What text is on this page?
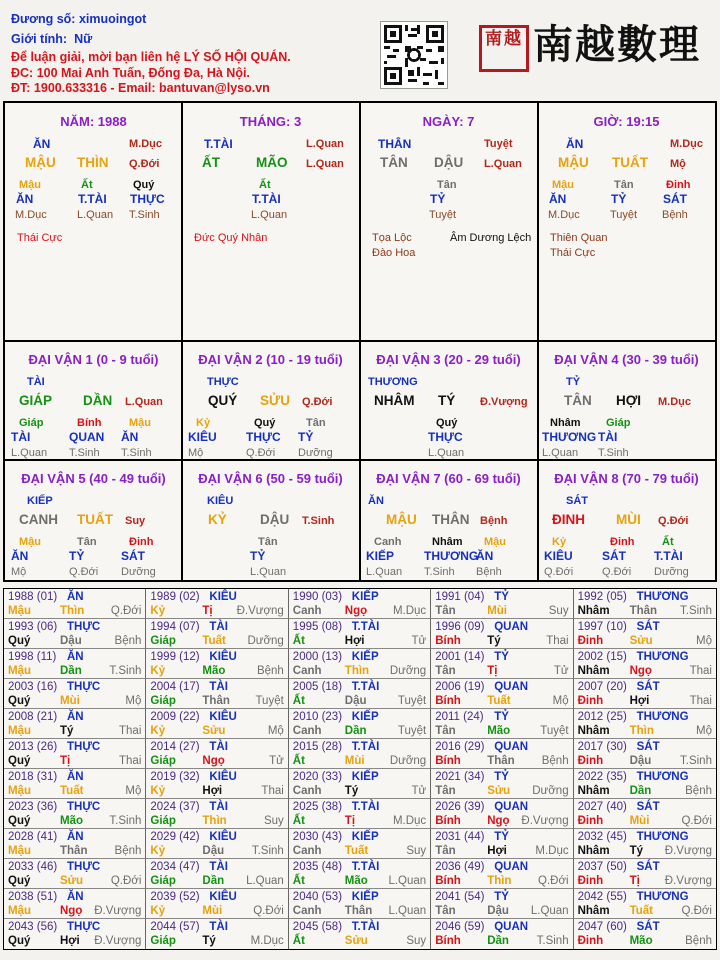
Đương số: ximuoingot
Giới tính: Nữ
Để luận giải, mời bạn liên hệ LÝ SỐ HỘI QUÁN.
ĐC: 100 Mai Anh Tuấn, Đống Đa, Hà Nội.
ĐT: 1900.633316 - Email: bantuvan@lyso.vn
南越 南越數理
NĂM: 1988
ĂN	M.Dục
MẬU THÌN Q.Đới
Mậu
ĂN
M.Dục
Ất
T.TÀI
L.Quan
Quý
THỰC
T.Sinh
Thái Cực
THÁNG: 3
T.TÀI	L.Quan
ẤT	MÃO L.Quan
Ất
T.TÀI
L.Quan
Đức Quý Nhân
NGÀY: 7
THÂN	Tuyệt
TÂN DẬU L.Quan
Tân
TỶ
Tuyệt
Tọa Lộc	Âm Dương Lệch
Đào Hoa
GIỜ: 19:15
ĂN	M.Dục
MẬU TUẤT Mộ
Mậu
ĂN
M.Dục
Tân
TỶ
Tuyệt
Đinh
SÁT
Bệnh
Thiên Quan
Thái Cực
ĐẠI VẬN 1 (0 - 9 tuổi)
TÀI
GIÁP DẦN L.Quan
Giáp
TÀI
L.Quan
Bính
QUAN
T.Sinh
Mậu
ĂN
T.Sinh
ĐẠI VẬN 2 (10 - 19 tuổi)
THỰC
QUÝ SỬU Q.Đới
Kỷ
KIÊU
Mộ
Quý
THỰC
Q.Đới
Tân
TỶ
Dưỡng
ĐẠI VẬN 3 (20 - 29 tuổi)
THƯƠNG
NHÂM TÝ Đ.Vượng
Quý
THỰC
L.Quan
ĐẠI VẬN 4 (30 - 39 tuổi)
TỶ
TÂN HỢI M.Dục
Nhâm
THƯƠNG
L.Quan
Giáp
TÀI
T.Sinh
ĐẠI VẬN 5 (40 - 49 tuổi)
KIẾP
CANH TUẤT Suy
Mậu
ĂN
Mộ
Tân
TỶ
Q.Đới
Đinh
SÁT
Dưỡng
ĐẠI VẬN 6 (50 - 59 tuổi)
KIÊU
KỶ DẬU T.Sinh
Tân
TỶ
L.Quan
ĐẠI VẬN 7 (60 - 69 tuổi)
ĂN
MẬU THÂN Bệnh
Canh
KIẾP
L.Quan
Nhâm
THƯƠNG
T.Sinh
Mậu
ĂN
Bệnh
ĐẠI VẬN 8 (70 - 79 tuổi)
SÁT
ĐINH MÙI Q.Đới
Kỷ
KIÊU
Q.Đới
Đinh
SÁT
Q.Đới
Ất
T.TÀI
Dưỡng
1988 (01) ĂN
Mậu	Thìn Q.Đới
1989 (02) KIÊU
Kỷ	Tị Đ.Vượng
1990 (03) KIẾP
Canh Ngọ M.Dục
1991 (04) TỶ
Tân	Mùi	Suy
1992 (05) THƯƠNG
Nhâm Thân T.Sinh
1993 (06) THỰC
Quý	Dậu	Bệnh
1994 (07) TÀI
Giáp Tuất Dưỡng
1995 (08) T.TÀI
Ất	Hợi	Tử
1996 (09) QUAN
Bính Tý	Thai
1997 (10) SÁT
Đinh Sửu	Mộ
1998 (11) ĂN
Mậu	Dần T.Sinh
1999 (12) KIÊU
Kỷ	Mão	Bệnh
2000 (13) KIẾP
Canh Thìn Dưỡng
2001 (14) TỶ
Tân	Tị	Tử
2002 (15) THƯƠNG
Nhâm Ngọ	Thai
2003 (16) THỰC
Quý	Mùi	Mộ
2004 (17) TÀI
Giáp Thân Tuyệt
2005 (18) T.TÀI
Ất	Dậu	Tuyệt
2006 (19) QUAN
Bính Tuất	Mộ
2007 (20) SÁT
Đinh Hợi	Thai
2008 (21) ĂN
Mậu	Tý	Thai
2009 (22) KIÊU
Kỷ	Sửu	Mộ
2010 (23) KIẾP
Canh Dần	Tuyệt
2011 (24) TỶ
Tân	Mão	Tuyệt
2012 (25) THƯƠNG
Nhâm Thìn	Mộ
2013 (26) THỰC
Quý	Tị	Thai
2014 (27) TÀI
Giáp Ngọ	Tử
2015 (28) T.TÀI
Ất	Mùi Dưỡng
2016 (29) QUAN
Bính Thân Bệnh
2017 (30) SÁT
Đinh Dậu T.Sinh
2018 (31) ĂN
Mậu	Tuất	Mộ
2019 (32) KIÊU
Kỷ	Hợi	Thai
2020 (33) KIẾP
Canh Tý	Tử
2021 (34) TỶ
Tân	Sửu Dưỡng
2022 (35) THƯƠNG
Nhâm Dần	Bệnh
2023 (36) THỰC
Quý	Mão T.Sinh
2024 (37) TÀI
Giáp Thìn	Suy
2025 (38) T.TÀI
Ất	Tị	M.Dục
2026 (39) QUAN
Bính Ngọ Đ.Vượng
2027 (40) SÁT
Đinh Mùi	Q.Đới
2028 (41) ĂN
Mậu	Thân Bệnh
2029 (42) KIÊU
Kỷ	Dậu T.Sinh
2030 (43) KIẾP
Canh Tuất	Suy
2031 (44) TỶ
Tân	Hợi M.Dục
2032 (45) THƯƠNG
Nhâm Tý Đ.Vượng
2033 (46) THỰC
Quý	Sửu Q.Đới
2034 (47) TÀI
Giáp Dần L.Quan
2035 (48) T.TÀI
Ất	Mão L.Quan
2036 (49) QUAN
Bính Thìn Q.Đới
2037 (50) SÁT
Đinh Tị Đ.Vượng
2038 (51) ĂN
Mậu	Ngọ Đ.Vượng
2039 (52) KIÊU
Kỷ	Mùi	Q.Đới
2040 (53) KIẾP
Canh Thân L.Quan
2041 (54) TỶ
Tân	Dậu L.Quan
2042 (55) THƯƠNG
Nhâm Tuất Q.Đới
2043 (56) THỰC
Quý	Hợi Đ.Vượng
2044 (57) TÀI
Giáp Tý	M.Dục
2045 (58) T.TÀI
Ất	Sửu	Suy
2046 (59) QUAN
Bính Dần T.Sinh
2047 (60) SÁT
Đinh Mão	Bệnh
